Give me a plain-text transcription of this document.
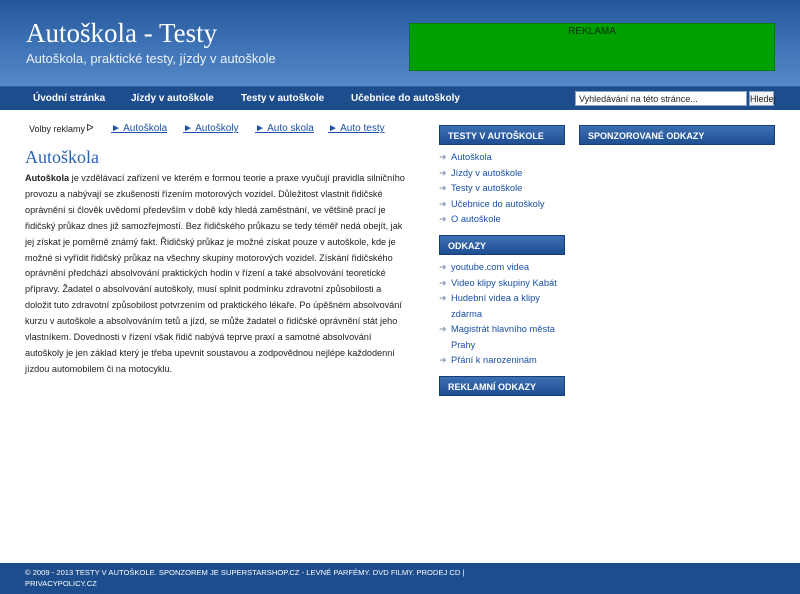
Autoškola - Testy
Autoškola, praktické testy, jízdy v autoškole
REKLAMA
Úvodní stránka	Jízdy v autoškole	Testy v autoškole	Učebnice do autoškoly
Vyhledávání na této stránce...	Hledej
Volby reklamy ᐅ ► Autoškola ► Autoškoly ► Auto skola ► Auto testy
Autoškola
Autoškola je vzdělávací zařízení ve kterém e formou teorie a praxe vyučují pravidla silničního provozu a nabývají se zkušenosti řízením motorových vozidel. Důležitost vlastnit řidičské oprávnění si člověk uvědomí především v době kdy hledá zaměstnání, ve většině prací je řidičský průkaz dnes již samozřejmostí. Bez řidičského průkazu se tedy téměř nedá obejít, jak jej získat je poměrně známý fakt. Řidičský průkaz je možné získat pouze v autoškole, kde je možné si vyřídit řidičský průkaz na všechny skupiny motorových vozidel. Získání řidičského oprávnění předchází absolvování praktických hodin v řízení a také absolvování teoretické přípravy. Žadatel o absolvování autoškoly, musí splnit podmínku zdravotní způsobilosti a doložit tuto zdravotní způsobilost potvrzením od praktického lékaře. Po úpěšném absolvování kurzu v autoškole a absolvováním tetů a jízd, se může žadatel o řidičské oprávnění stát jeho vlastníkem. Dovednosti v řízení však řidič nabývá teprve praxí a samotné absolvování autoškoly je jen základ který je třeba upevnit soustavou a zodpovědnou nejlépe každodenní jízdou automobilem či na motocyklu.
TESTY V AUTOŠKOLE
➜ Autoškola
➜ Jízdy v autoškole
➜ Testy v autoškole
➜ Učebnice do autoškoly
➜ O autoškole
ODKAZY
➜ youtube.com videa
➜ Video klipy skupiny Kabát
➜ Hudební videa a klipy zdarma
➜ Magistrát hlavního města Prahy
➜ Přání k narozeninám
REKLAMNÍ ODKAZY
SPONZOROVANÉ ODKAZY
© 2009 - 2013 TESTY V AUTOŠKOLE. SPONZOREM JE SUPERSTARSHOP.CZ - LEVNÉ PARFÉMY. DVD FILMY. PRODEJ CD | PRIVACYPOLICY.CZ
